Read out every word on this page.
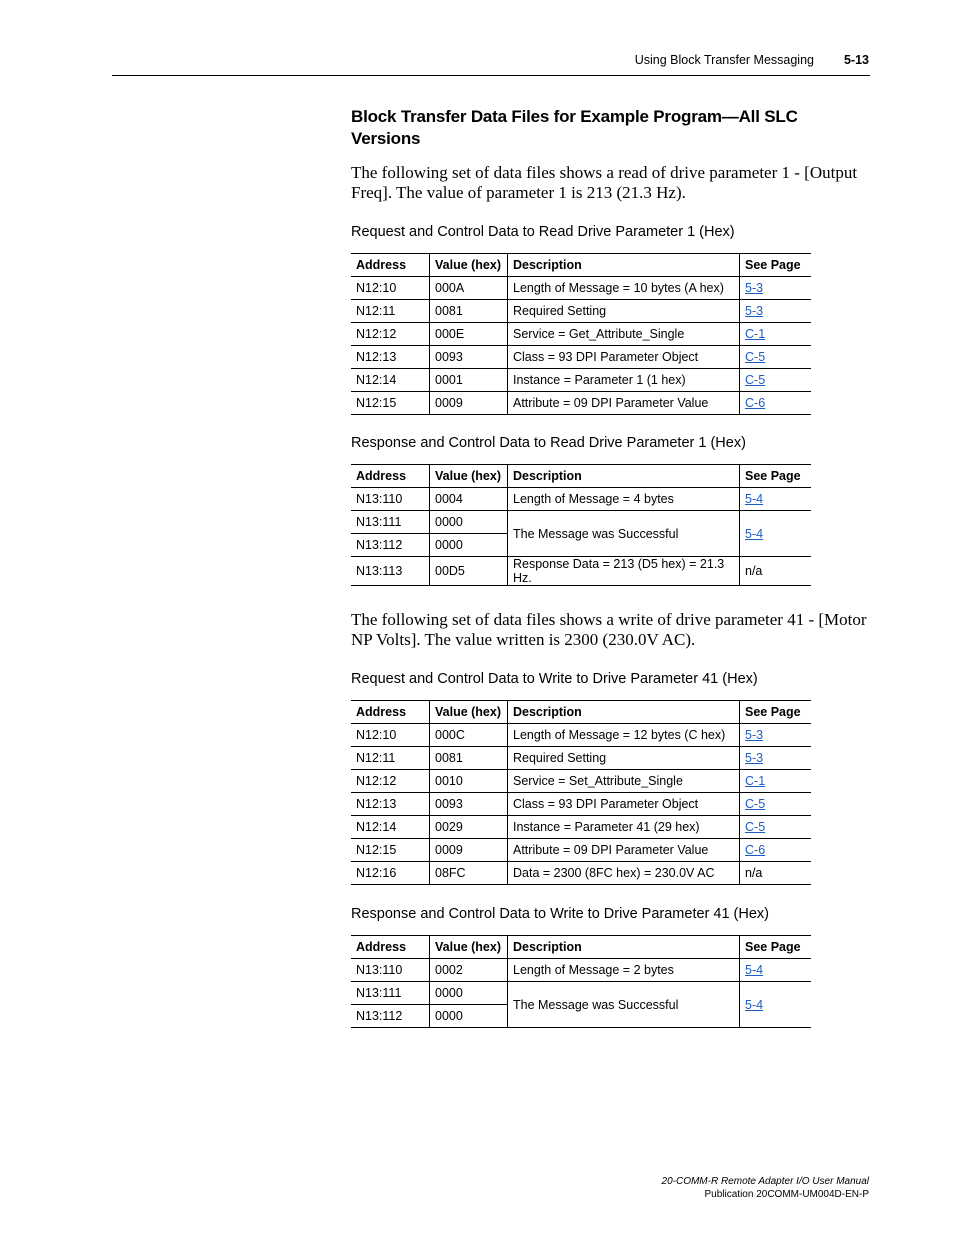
Using Block Transfer Messaging 5-13
Block Transfer Data Files for Example Program—All SLC Versions

The following set of data files shows a read of drive parameter 1 - [Output Freq]. The value of parameter 1 is 213 (21.3 Hz).

Request and Control Data to Read Drive Parameter 1 (Hex)

Address	Value (hex)	Description	See Page
N12:10	000A	Length of Message = 10 bytes (A hex)	5-3
N12:11	0081	Required Setting	5-3
N12:12	000E	Service = Get_Attribute_Single	C-1
N12:13	0093	Class = 93 DPI Parameter Object	C-5
N12:14	0001	Instance = Parameter 1 (1 hex)	C-5
N12:15	0009	Attribute = 09 DPI Parameter Value	C-6

Response and Control Data to Read Drive Parameter 1 (Hex)

Address	Value (hex)	Description	See Page
N13:110	0004	Length of Message = 4 bytes	5-4
N13:111	0000	The Message was Successful	5-4
N13:112	0000		
N13:113	00D5	Response Data = 213 (D5 hex) = 21.3 Hz.	n/a

The following set of data files shows a write of drive parameter 41 - [Motor NP Volts]. The value written is 2300 (230.0V AC).

Request and Control Data to Write to Drive Parameter 41 (Hex)

Address	Value (hex)	Description	See Page
N12:10	000C	Length of Message = 12 bytes (C hex)	5-3
N12:11	0081	Required Setting	5-3
N12:12	0010	Service = Set_Attribute_Single	C-1
N12:13	0093	Class = 93 DPI Parameter Object	C-5
N12:14	0029	Instance = Parameter 41 (29 hex)	C-5
N12:15	0009	Attribute = 09 DPI Parameter Value	C-6
N12:16	08FC	Data = 2300 (8FC hex) = 230.0V AC	n/a

Response and Control Data to Write to Drive Parameter 41 (Hex)

Address	Value (hex)	Description	See Page
N13:110	0002	Length of Message = 2 bytes	5-4
N13:111	0000	The Message was Successful	5-4
N13:112	0000		
20-COMM-R Remote Adapter I/O User Manual
Publication 20COMM-UM004D-EN-P
